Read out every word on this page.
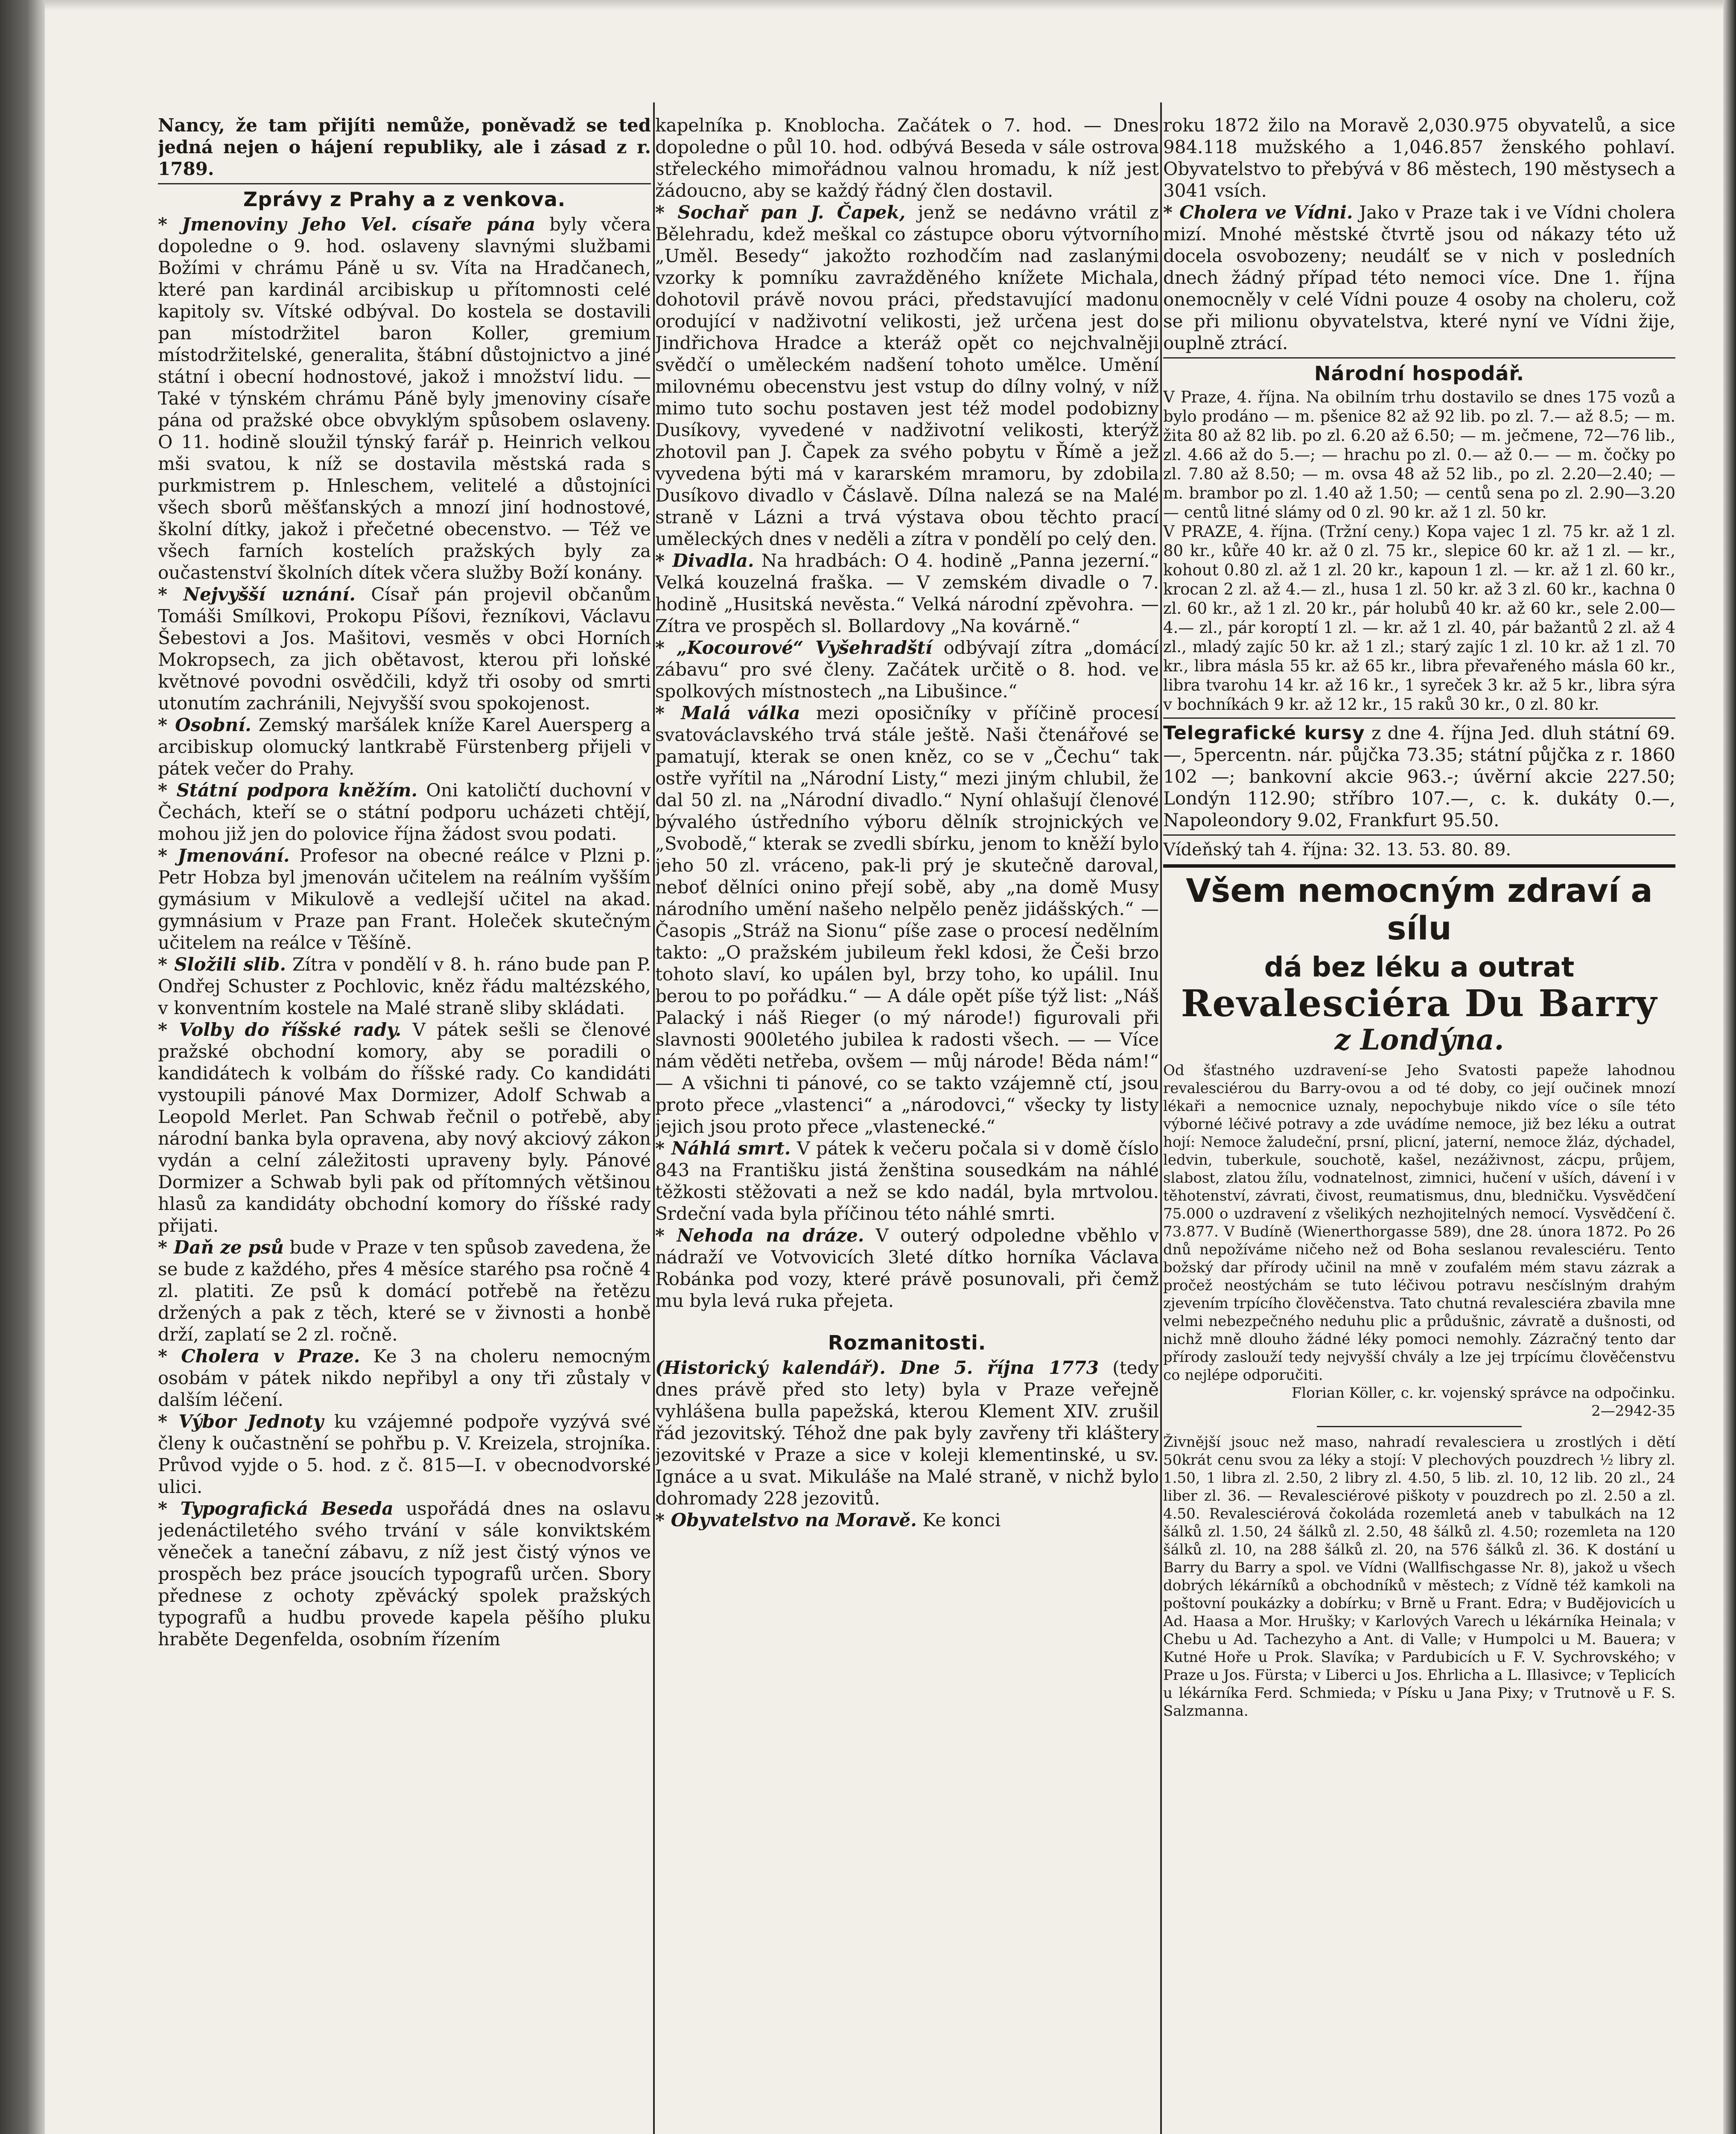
Nancy, že tam přijíti nemůže, poněvadž se teď jedná nejen o hájení republiky, ale i zásad z r. 1789.

Zprávy z Prahy a z venkova.

* Jmenoviny Jeho Vel. císaře pána byly včera dopoledne o 9. hod. oslaveny slavnými službami Božími v chrámu Páně u sv. Víta na Hradčanech, které pan kardinál arcibiskup u přítomnosti celé kapitoly sv. Vítské odbýval. Do kostela se dostavili pan místodržitel baron Koller, gremium místodržitelské, generalita, štábní důstojnictvo a jiné státní i obecní hodnostové, jakož i množství lidu. — Také v týnském chrámu Páně byly jmenoviny císaře pána od pražské obce obvyklým spůsobem oslaveny. O 11. hodině sloužil týnský farář p. Heinrich velkou mši svatou, k níž se dostavila městská rada s purkmistrem p. Hnleschem, velitelé a důstojníci všech sborů měšťanských a mnozí jiní hodnostové, školní dítky, jakož i přečetné obecenstvo. — Též ve všech farních kostelích pražských byly za oučastenství školních dítek včera služby Boží konány.

* Nejvyšší uznání. Císař pán projevil občanům Tomáši Smílkovi, Prokopu Píšovi, řezníkovi, Václavu Šebestovi a Jos. Mašitovi, vesměs v obci Horních Mokropsech, za jich obětavost, kterou při loňské květnové povodni osvědčili, když tři osoby od smrti utonutím zachránili, Nejvyšší svou spokojenost.

* Osobní. Zemský maršálek kníže Karel Auersperg a arcibiskup olomucký lantkrabě Fürstenberg přijeli v pátek večer do Prahy.

* Státní podpora kněžím. Oni katoličtí duchovní v Čechách, kteří se o státní podporu ucházeti chtějí, mohou již jen do polovice října žádost svou podati.

* Jmenování. Profesor na obecné reálce v Plzni p. Petr Hobza byl jmenován učitelem na reálním vyšším gymásium v Mikulově a vedlejší učitel na akad. gymnásium v Praze pan Frant. Holeček skutečným učitelem na reálce v Těšíně.

* Složili slib. Zítra v pondělí v 8. h. ráno bude pan P. Ondřej Schuster z Pochlovic, kněz řádu maltézského, v konventním kostele na Malé straně sliby skládati.

* Volby do říšské rady. V pátek sešli se členové pražské obchodní komory, aby se poradili o kandidátech k volbám do říšské rady. Co kandidáti vystoupili pánové Max Dormizer, Adolf Schwab a Leopold Merlet. Pan Schwab řečnil o potřebě, aby národní banka byla opravena, aby nový akciový zákon vydán a celní záležitosti upraveny byly. Pánové Dormizer a Schwab byli pak od přítomných většinou hlasů za kandidáty obchodní komory do říšské rady přijati.

* Daň ze psů bude v Praze v ten spůsob zavedena, že se bude z každého, přes 4 měsíce starého psa ročně 4 zl. platiti. Ze psů k domácí potřebě na řetězu držených a pak z těch, které se v živnosti a honbě drží, zaplatí se 2 zl. ročně.

* Cholera v Praze. Ke 3 na choleru nemocným osobám v pátek nikdo nepřibyl a ony tři zůstaly v dalším léčení.

* Výbor Jednoty ku vzájemné podpoře vyzývá své členy k oučastnění se pohřbu p. V. Kreizela, strojníka. Průvod vyjde o 5. hod. z č. 815—I. v obecnodvorské ulici.

* Typografická Beseda uspořádá dnes na oslavu jedenáctiletého svého trvání v sále konviktském věneček a taneční zábavu, z níž jest čistý výnos ve prospěch bez práce jsoucích typografů určen. Sbory přednese z ochoty zpěvácký spolek pražských typografů a hudbu provede kapela pěšího pluku hraběte Degenfelda, osobním řízením

kapelníka p. Knoblocha. Začátek o 7. hod. — Dnes dopoledne o půl 10. hod. odbývá Beseda v sále ostrova střeleckého mimořádnou valnou hromadu, k níž jest žádoucno, aby se každý řádný člen dostavil.

* Sochař pan J. Čapek, jenž se nedávno vrátil z Bělehradu, kdež meškal co zástupce oboru výtvorního „Uměl. Besedy“ jakožto rozhodčím nad zaslanými vzorky k pomníku zavražděného knížete Michala, dohotovil právě novou práci, představující madonu orodující v nadživotní velikosti, jež určena jest do Jindřichova Hradce a kteráž opět co nejchvalněji svědčí o uměleckém nadšení tohoto umělce. Umění milovnému obecenstvu jest vstup do dílny volný, v níž mimo tuto sochu postaven jest též model podobizny Dusíkovy, vyvedené v nadživotní velikosti, kterýž zhotovil pan J. Čapek za svého pobytu v Římě a jež vyvedena býti má v kararském mramoru, by zdobila Dusíkovo divadlo v Čáslavě. Dílna nalezá se na Malé straně v Lázni a trvá výstava obou těchto prací uměleckých dnes v neděli a zítra v pondělí po celý den.

* Divadla. Na hradbách: O 4. hodině „Panna jezerní.“ Velká kouzelná fraška. — V zemském divadle o 7. hodině „Husitská nevěsta.“ Velká národní zpěvohra. — Zítra ve prospěch sl. Bollardovy „Na kovárně.“

* „Kocourové“ Vyšehradští odbývají zítra „domácí zábavu“ pro své členy. Začátek určitě o 8. hod. ve spolkových místnostech „na Libušince.“

* Malá válka mezi oposičníky v příčině procesí svatováclavského trvá stále ještě. Naši čtenářové se pamatují, kterak se onen kněz, co se v „Čechu“ tak ostře vyřítil na „Národní Listy,“ mezi jiným chlubil, že dal 50 zl. na „Národní divadlo.“ Nyní ohlašují členové bývalého ústředního výboru dělník strojnických ve „Svobodě,“ kterak se zvedli sbírku, jenom to kněží bylo jeho 50 zl. vráceno, pak-li prý je skutečně daroval, neboť dělníci onino přejí sobě, aby „na domě Musy národního umění našeho nelpělo peněz jidášských.“ — Časopis „Stráž na Sionu“ píše zase o procesí nedělním takto: „O pražském jubileum řekl kdosi, že Češi brzo tohoto slaví, ko upálen byl, brzy toho, ko upálil. Inu berou to po pořádku.“ — A dále opět píše týž list: „Náš Palacký i náš Rieger (o mý národe!) figurovali při slavnosti 900letého jubilea k radosti všech. — — Více nám věděti netřeba, ovšem — můj národe! Běda nám!“ — A všichni ti pánové, co se takto vzájemně ctí, jsou proto přece „vlastenci“ a „národovci,“ všecky ty listy jejich jsou proto přece „vlastenecké.“

* Náhlá smrt. V pátek k večeru počala si v domě číslo 843 na Františku jistá ženština sousedkám na náhlé těžkosti stěžovati a než se kdo nadál, byla mrtvolou. Srdeční vada byla příčinou této náhlé smrti.

* Nehoda na dráze. V outerý odpoledne vběhlo v nádraží ve Votvovicích 3leté dítko horníka Václava Robánka pod vozy, které právě posunovali, při čemž mu byla levá ruka přejeta.

Rozmanitosti.

(Historický kalendář). Dne 5. října 1773 (tedy dnes právě před sto lety) byla v Praze veřejně vyhlášena bulla papežská, kterou Klement XIV. zrušil řád jezovitský. Téhož dne pak byly zavřeny tři kláštery jezovitské v Praze a sice v koleji klementinské, u sv. Ignáce a u svat. Mikuláše na Malé straně, v nichž bylo dohromady 228 jezovitů.

* Obyvatelstvo na Moravě. Ke konci

roku 1872 žilo na Moravě 2,030.975 obyvatelů, a sice 984.118 mužského a 1,046.857 ženského pohlaví. Obyvatelstvo to přebývá v 86 městech, 190 městysech a 3041 vsích.

* Cholera ve Vídni. Jako v Praze tak i ve Vídni cholera mizí. Mnohé městské čtvrtě jsou od nákazy této už docela osvobozeny; neudálť se v nich v posledních dnech žádný případ této nemoci více. Dne 1. října onemocněly v celé Vídni pouze 4 osoby na choleru, což se při milionu obyvatelstva, které nyní ve Vídni žije, ouplně ztrácí.

Národní hospodář.

V Praze, 4. října. Na obilním trhu dostavilo se dnes 175 vozů a bylo prodáno — m. pšenice 82 až 92 lib. po zl. 7.— až 8.5; — m. žita 80 až 82 lib. po zl. 6.20 až 6.50; — m. ječmene, 72—76 lib., zl. 4.66 až do 5.—; — hrachu po zl. 0.— až 0.— — m. čočky po zl. 7.80 až 8.50; — m. ovsa 48 až 52 lib., po zl. 2.20—2.40; — m. brambor po zl. 1.40 až 1.50; — centů sena po zl. 2.90—3.20 — centů litné slámy od 0 zl. 90 kr. až 1 zl. 50 kr.

V PRAZE, 4. října. (Tržní ceny.) Kopa vajec 1 zl. 75 kr. až 1 zl. 80 kr., kůře 40 kr. až 0 zl. 75 kr., slepice 60 kr. až 1 zl. — kr., kohout 0.80 zl. až 1 zl. 20 kr., kapoun 1 zl. — kr. až 1 zl. 60 kr., krocan 2 zl. až 4.— zl., husa 1 zl. 50 kr. až 3 zl. 60 kr., kachna 0 zl. 60 kr., až 1 zl. 20 kr., pár holubů 40 kr. až 60 kr., sele 2.00—4.— zl., pár koroptí 1 zl. — kr. až 1 zl. 40, pár bažantů 2 zl. až 4 zl., mladý zajíc 50 kr. až 1 zl.; starý zajíc 1 zl. 10 kr. až 1 zl. 70 kr., libra másla 55 kr. až 65 kr., libra převařeného másla 60 kr., libra tvarohu 14 kr. až 16 kr., 1 syreček 3 kr. až 5 kr., libra sýra v bochníkách 9 kr. až 12 kr., 15 raků 30 kr., 0 zl. 80 kr.

Telegrafické kursy z dne 4. října Jed. dluh státní 69.—, 5percentn. nár. půjčka 73.35; státní půjčka z r. 1860 102 —; bankovní akcie 963.-; úvěrní akcie 227.50; Londýn 112.90; stříbro 107.—, c. k. dukáty 0.—, Napoleondory 9.02, Frankfurt 95.50.

Vídeňský tah 4. října: 32. 13. 53. 80. 89.

Všem nemocným zdraví a sílu
dá bez léku a outrat
Revalesciéra Du Barry
z Londýna.

Od šťastného uzdravení-se Jeho Svatosti papeže lahodnou revalesciérou du Barry-ovou a od té doby, co její oučinek mnozí lékaři a nemocnice uznaly, nepochybuje nikdo více o síle této výborné léčivé potravy a zde uvádíme nemoce, již bez léku a outrat hojí: Nemoce žaludeční, prsní, plicní, jaterní, nemoce žláz, dýchadel, ledvin, tuberkule, souchotě, kašel, nezáživnost, zácpu, průjem, slabost, zlatou žílu, vodnatelnost, zimnici, hučení v uších, dávení i v těhotenství, závrati, čivost, reumatismus, dnu, bledničku. Vysvědčení 75.000 o uzdravení z všelikých nezhojitelných nemocí. Vysvědčení č. 73.877. V Budíně (Wienerthorgasse 589), dne 28. února 1872. Po 26 dnů nepožíváme ničeho než od Boha seslanou revalesciéru. Tento božský dar přírody učinil na mně v zoufalém mém stavu zázrak a pročež neostýchám se tuto léčivou potravu nesčíslným drahým zjevením trpícího člověčenstva. Tato chutná revalesciéra zbavila mne velmi nebezpečného neduhu plic a průdušnic, závratě a dušnosti, od nichž mně dlouho žádné léky pomoci nemohly. Zázračný tento dar přírody zaslouží tedy nejvyšší chvály a lze jej trpícímu člověčenstvu co nejlépe odporučiti.

Florian Köller, c. kr. vojenský správce na odpočinku.

2—2942-35

Živnější jsouc než maso, nahradí revalesciera u zrostlých i dětí 50krát cenu svou za léky a stojí: V plechových pouzdrech ½ libry zl. 1.50, 1 libra zl. 2.50, 2 libry zl. 4.50, 5 lib. zl. 10, 12 lib. 20 zl., 24 liber zl. 36. — Revalesciérové piškoty v pouzdrech po zl. 2.50 a zl. 4.50. Revalesciérová čokoláda rozemletá aneb v tabulkách na 12 šálků zl. 1.50, 24 šálků zl. 2.50, 48 šálků zl. 4.50; rozemleta na 120 šálků zl. 10, na 288 šálků zl. 20, na 576 šálků zl. 36. K dostání u Barry du Barry a spol. ve Vídni (Wallfischgasse Nr. 8), jakož u všech dobrých lékárníků a obchodníků v městech; z Vídně též kamkoli na poštovní poukázky a dobírku; v Brně u Frant. Edra; v Budějovicích u Ad. Haasa a Mor. Hrušky; v Karlových Varech u lékárníka Heinala; v Chebu u Ad. Tachezyho a Ant. di Valle; v Humpolci u M. Bauera; v Kutné Hoře u Prok. Slavíka; v Pardubicích u F. V. Sychrovského; v Praze u Jos. Fürsta; v Liberci u Jos. Ehrlicha a L. Illasivce; v Teplicích u lékárníka Ferd. Schmieda; v Písku u Jana Pixy; v Trutnově u F. S. Salzmanna.
